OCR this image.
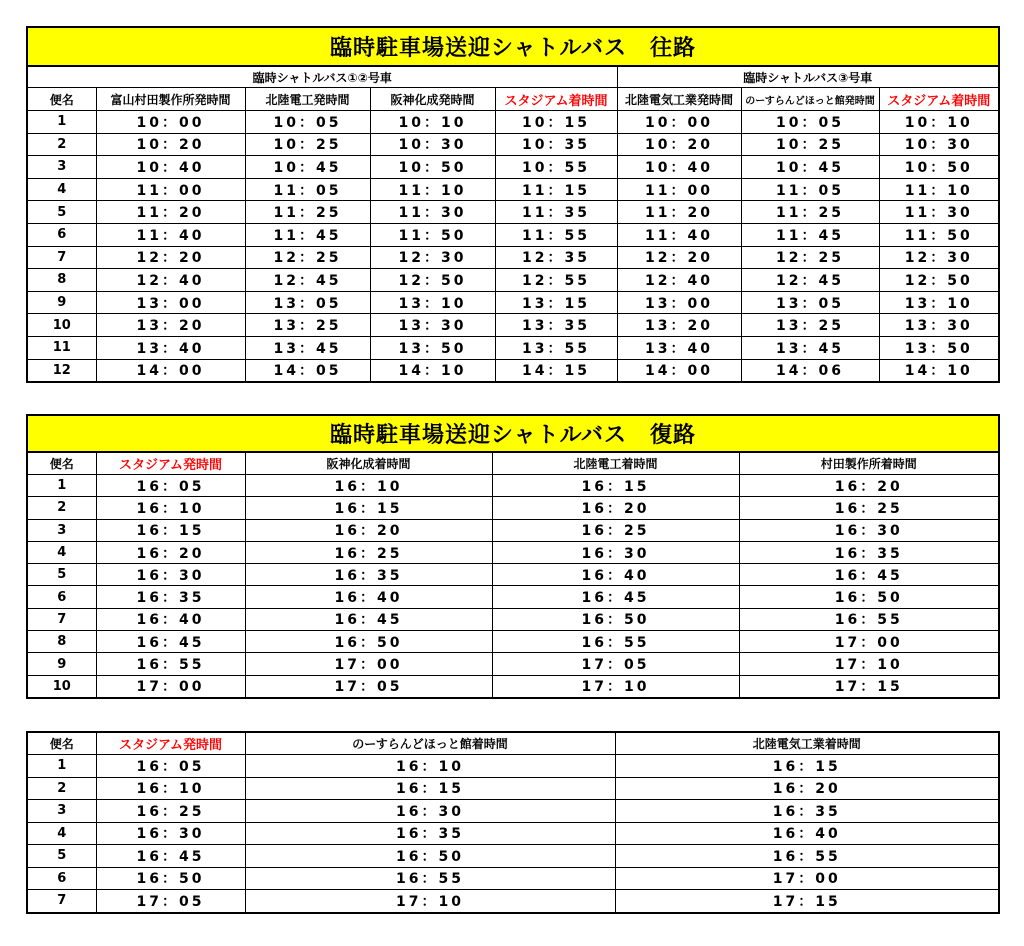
臨時駐車場送迎シャトルバス　往路							
臨時シャトルバス①②号車					臨時シャトルバス③号車		
便名	富山村田製作所発時間	北陸電工発時間	阪神化成発時間	スタジアム着時間	北陸電気工業発時間	のーすらんどほっと館発時間	スタジアム着時間
1	10：00	10：05	10：10	10：15	10：00	10：05	10：10
2	10：20	10：25	10：30	10：35	10：20	10：25	10：30
3	10：40	10：45	10：50	10：55	10：40	10：45	10：50
4	11：00	11：05	11：10	11：15	11：00	11：05	11：10
5	11：20	11：25	11：30	11：35	11：20	11：25	11：30
6	11：40	11：45	11：50	11：55	11：40	11：45	11：50
7	12：20	12：25	12：30	12：35	12：20	12：25	12：30
8	12：40	12：45	12：50	12：55	12：40	12：45	12：50
9	13：00	13：05	13：10	13：15	13：00	13：05	13：10
10	13：20	13：25	13：30	13：35	13：20	13：25	13：30
11	13：40	13：45	13：50	13：55	13：40	13：45	13：50
12	14：00	14：05	14：10	14：15	14：00	14：06	14：10
臨時駐車場送迎シャトルバス　復路				
便名	スタジアム発時間	阪神化成着時間	北陸電工着時間	村田製作所着時間
1	16：05	16：10	16：15	16：20
2	16：10	16：15	16：20	16：25
3	16：15	16：20	16：25	16：30
4	16：20	16：25	16：30	16：35
5	16：30	16：35	16：40	16：45
6	16：35	16：40	16：45	16：50
7	16：40	16：45	16：50	16：55
8	16：45	16：50	16：55	17：00
9	16：55	17：00	17：05	17：10
10	17：00	17：05	17：10	17：15
便名	スタジアム発時間	のーすらんどほっと館着時間	北陸電気工業着時間
1	16：05	16：10	16：15
2	16：10	16：15	16：20
3	16：25	16：30	16：35
4	16：30	16：35	16：40
5	16：45	16：50	16：55
6	16：50	16：55	17：00
7	17：05	17：10	17：15
